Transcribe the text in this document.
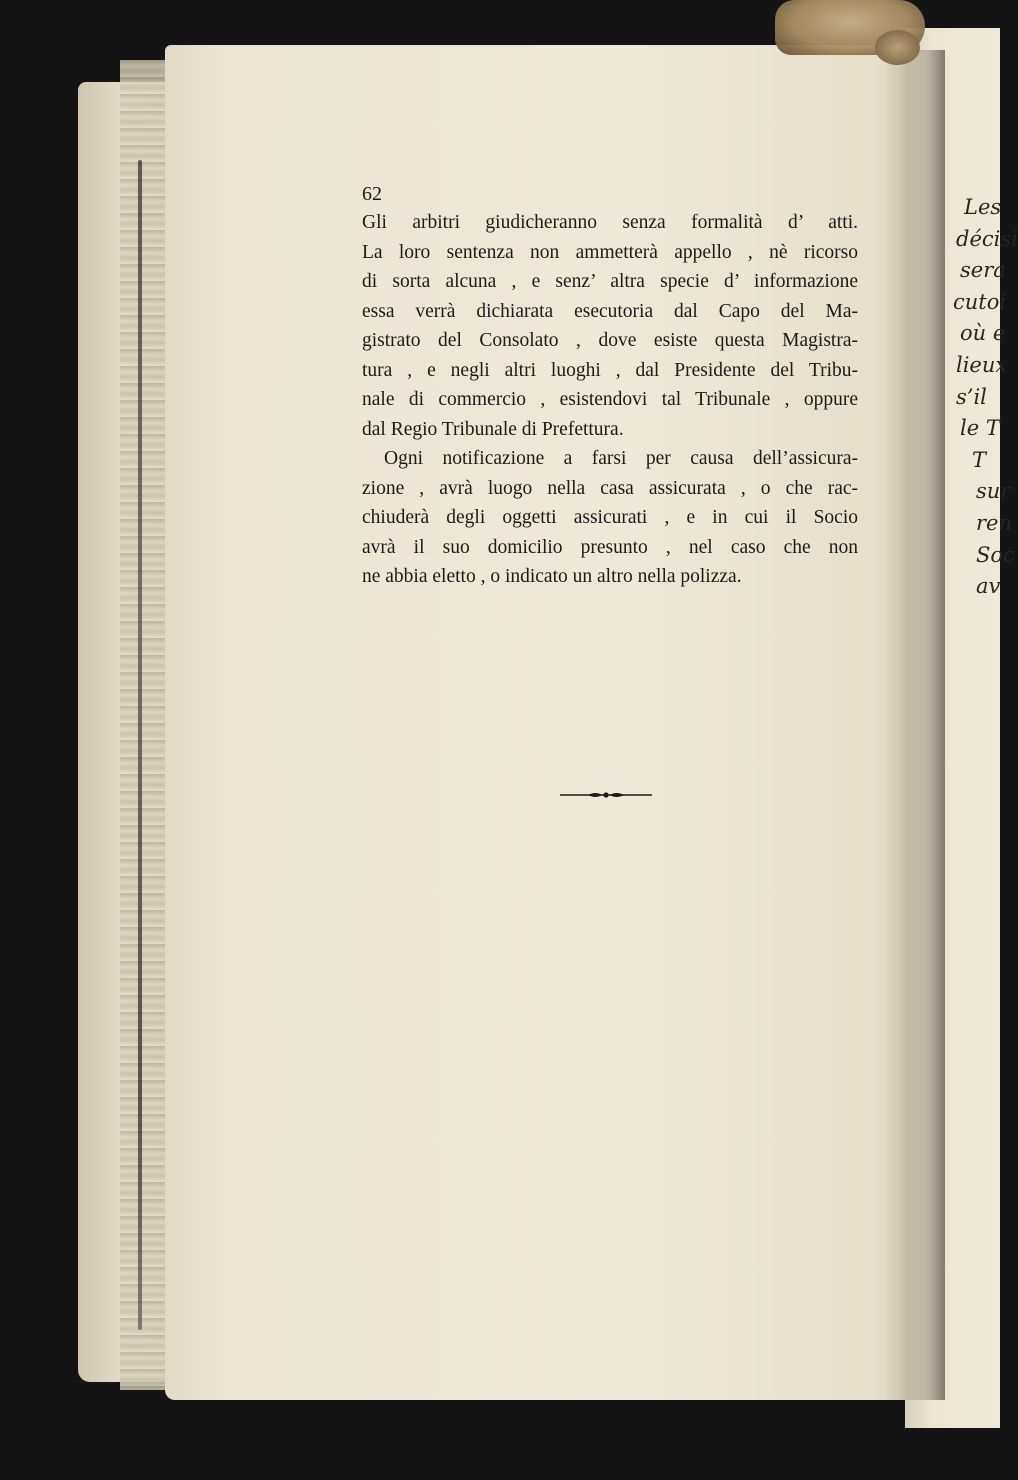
62
Gli arbitri giudicheranno senza formalità d’ atti.
La loro sentenza non ammetterà appello , nè ricorso
di sorta alcuna , e senz’ altra specie d’ informazione
essa verrà dichiarata esecutoria dal Capo del Ma-
gistrato del Consolato , dove esiste questa Magistra-
tura , e negli altri luoghi , dal Presidente del Tribu-
nale di commercio , esistendovi tal Tribunale , oppure
dal Regio Tribunale di Prefettura.
Ogni notificazione a farsi per causa dell’assicura-
zione , avrà luogo nella casa assicurata , o che rac-
chiuderà degli oggetti assicurati , e in cui il Socio
avrà il suo domicilio presunto , nel caso che non
ne abbia eletto , o indicato un altro nella polizza.
Les
décisi
sera
cutoi
où e
lieux
s’il
le T
T
sur
ren
Soc
av
